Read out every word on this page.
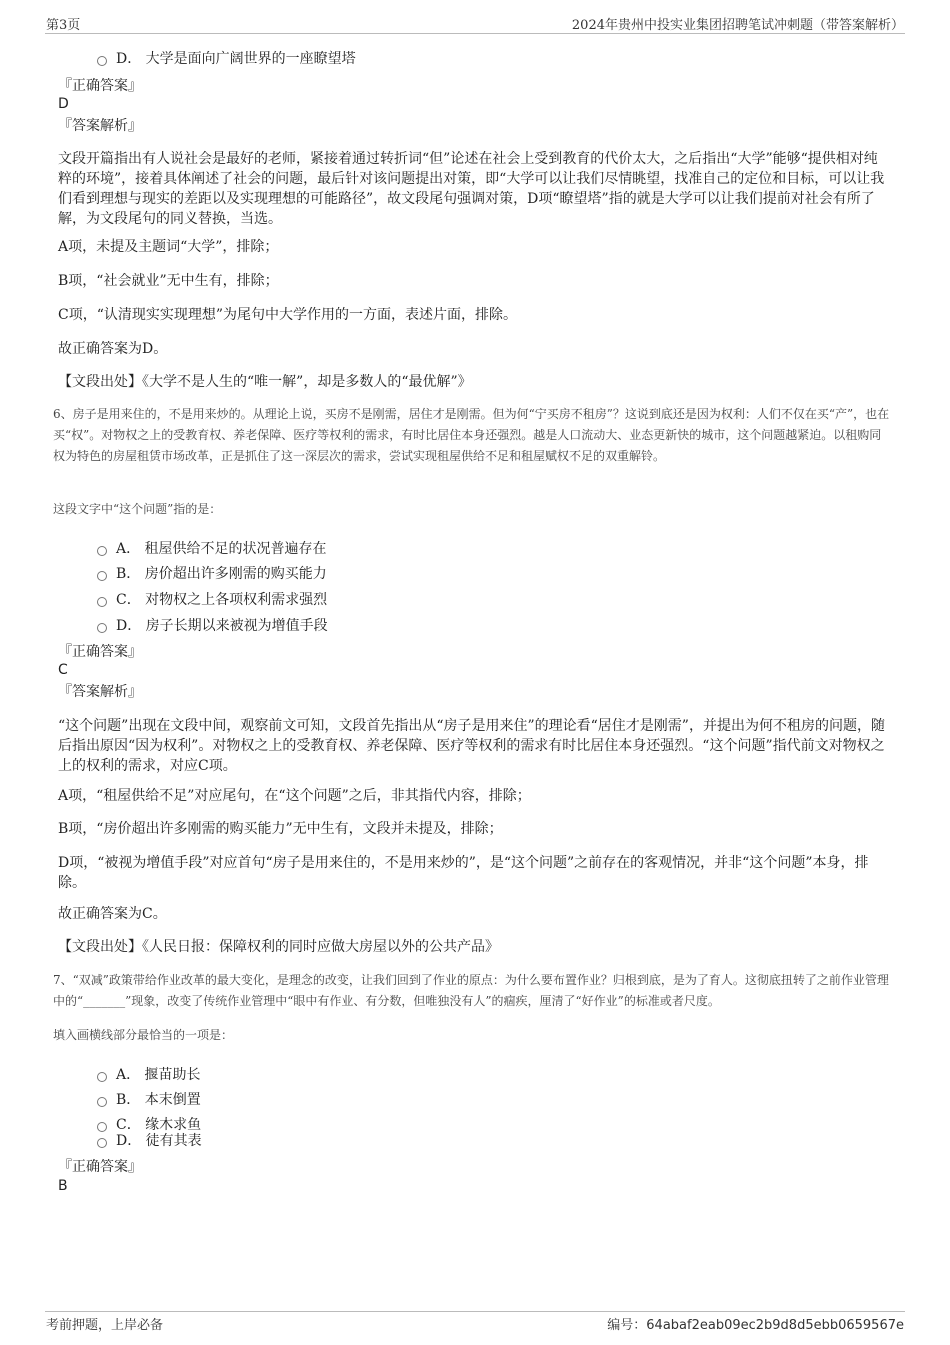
第3页	2024年贵州中投实业集团招聘笔试冲刺题（带答案解析）
D． 大学是面向广阔世界的一座瞭望塔
『正确答案』
D
『答案解析』
文段开篇指出有人说社会是最好的老师，紧接着通过转折词“但”论述在社会上受到教育的代价太大，之后指出“大学”能够“提供相对纯粹的环境”，接着具体阐述了社会的问题，最后针对该问题提出对策，即“大学可以让我们尽情眺望，找准自己的定位和目标，可以让我们看到理想与现实的差距以及实现理想的可能路径”，故文段尾句强调对策，D项“瞭望塔”指的就是大学可以让我们提前对社会有所了解，为文段尾句的同义替换，当选。
A项，未提及主题词“大学”，排除；
B项，“社会就业”无中生有，排除；
C项，“认清现实实现理想”为尾句中大学作用的一方面，表述片面，排除。
故正确答案为D。
【文段出处】《大学不是人生的“唯一解”，却是多数人的“最优解”》
6、房子是用来住的，不是用来炒的。从理论上说，买房不是刚需，居住才是刚需。但为何“宁买房不租房”？这说到底还是因为权利：人们不仅在买“产”，也在买“权”。对物权之上的受教育权、养老保障、医疗等权利的需求，有时比居住本身还强烈。越是人口流动大、业态更新快的城市，这个问题越紧迫。以租购同权为特色的房屋租赁市场改革，正是抓住了这一深层次的需求，尝试实现租屋供给不足和租屋赋权不足的双重解铃。
这段文字中“这个问题”指的是：
A． 租屋供给不足的状况普遍存在
B． 房价超出许多刚需的购买能力
C． 对物权之上各项权利需求强烈
D． 房子长期以来被视为增值手段
『正确答案』
C
『答案解析』
“这个问题”出现在文段中间，观察前文可知，文段首先指出从“房子是用来住”的理论看“居住才是刚需”，并提出为何不租房的问题，随后指出原因“因为权利”。对物权之上的受教育权、养老保障、医疗等权利的需求有时比居住本身还强烈。“这个问题”指代前文对物权之上的权利的需求，对应C项。
A项，“租屋供给不足”对应尾句，在“这个问题”之后，非其指代内容，排除；
B项，“房价超出许多刚需的购买能力”无中生有，文段并未提及，排除；
D项，“被视为增值手段”对应首句“房子是用来住的，不是用来炒的”，是“这个问题”之前存在的客观情况，并非“这个问题”本身，排除。
故正确答案为C。
【文段出处】《人民日报：保障权利的同时应做大房屋以外的公共产品》
7、“双减”政策带给作业改革的最大变化，是理念的改变，让我们回到了作业的原点：为什么要布置作业？归根到底，是为了育人。这彻底扭转了之前作业管理中的“_______”现象，改变了传统作业管理中“眼中有作业、有分数，但唯独没有人”的痼疾，厘清了“好作业”的标准或者尺度。
填入画横线部分最恰当的一项是：
A． 揠苗助长
B． 本末倒置
C． 缘木求鱼
D． 徒有其表
『正确答案』
B
考前押题，上岸必备	编号：64abaf2eab09ec2b9d8d5ebb0659567e
